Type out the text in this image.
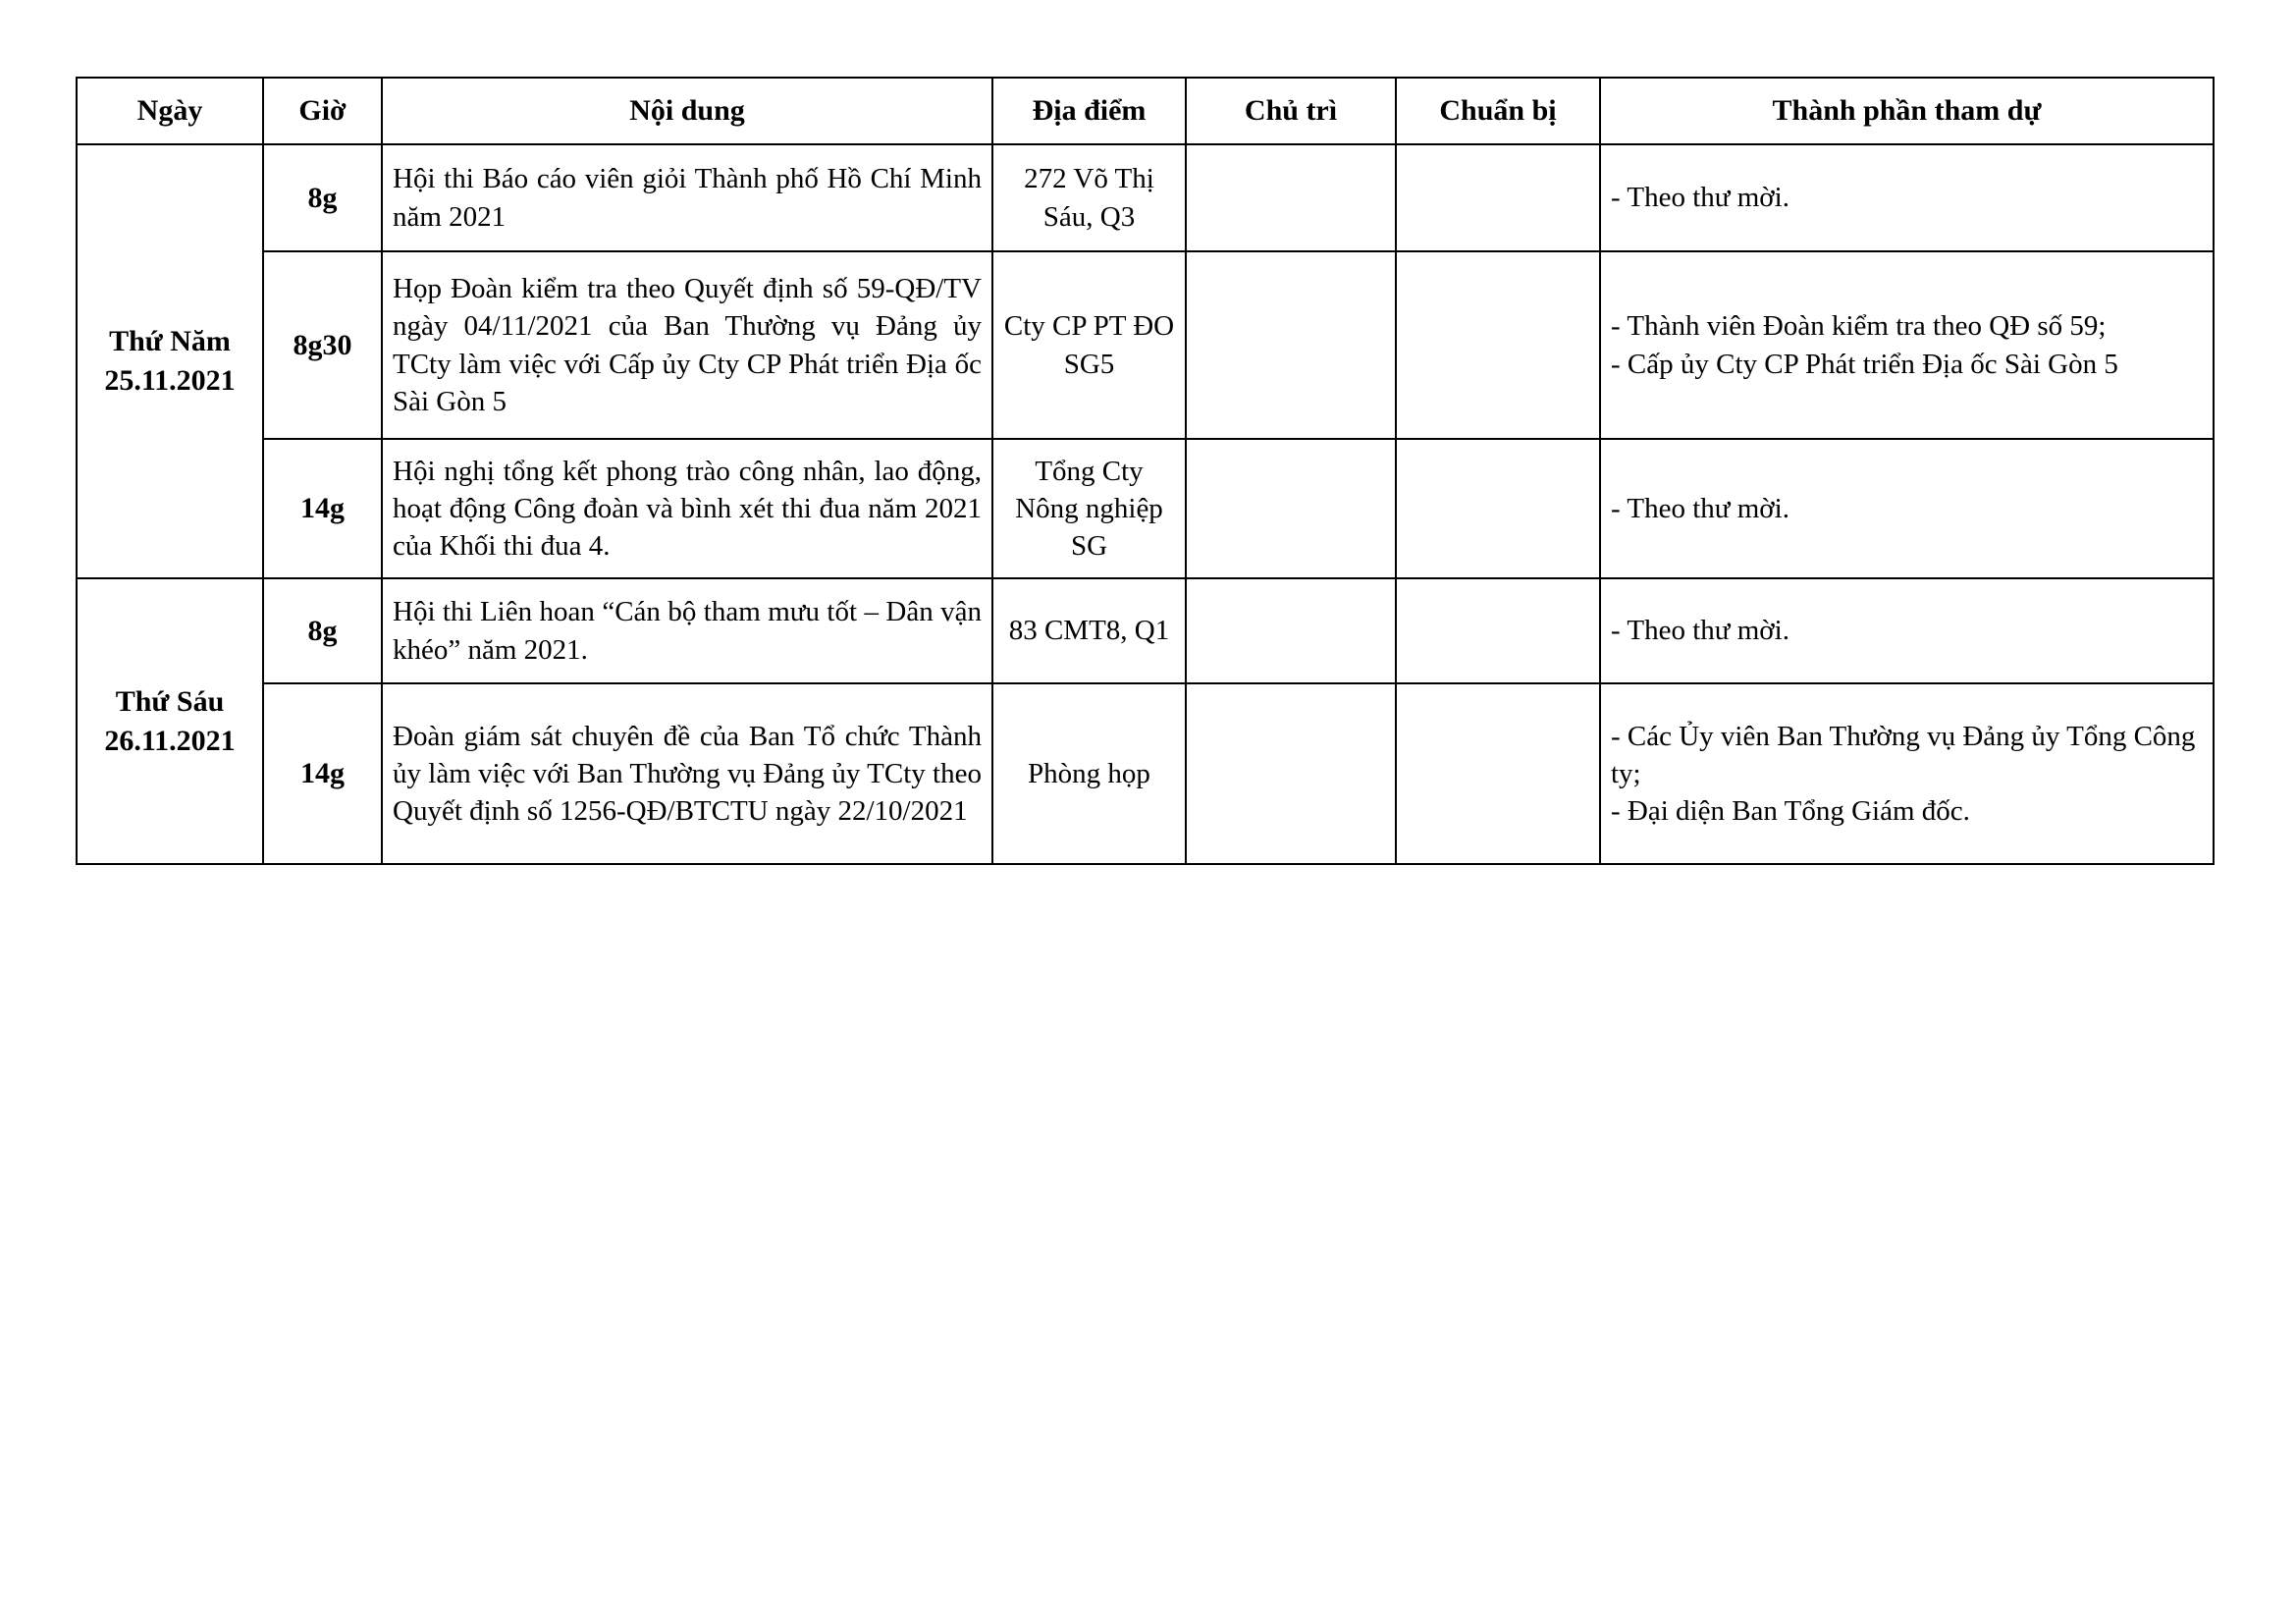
Ngày	Giờ	Nội dung	Địa điểm	Chủ trì	Chuẩn bị	Thành phần tham dự

Thứ Năm
25.11.2021	8g	Hội thi Báo cáo viên giỏi Thành phố Hồ Chí Minh năm 2021	272 Võ Thị Sáu, Q3			- Theo thư mời.

	8g30	Họp Đoàn kiểm tra theo Quyết định số 59-QĐ/TV ngày 04/11/2021 của Ban Thường vụ Đảng ủy TCty làm việc với Cấp ủy Cty CP Phát triển Địa ốc Sài Gòn 5	Cty CP PT ĐO SG5			- Thành viên Đoàn kiểm tra theo QĐ số 59;
- Cấp ủy Cty CP Phát triển Địa ốc Sài Gòn 5

	14g	Hội nghị tổng kết phong trào công nhân, lao động, hoạt động Công đoàn và bình xét thi đua năm 2021 của Khối thi đua 4.	Tổng Cty Nông nghiệp SG			- Theo thư mời.

Thứ Sáu
26.11.2021	8g	Hội thi Liên hoan “Cán bộ tham mưu tốt – Dân vận khéo” năm 2021.	83 CMT8, Q1			- Theo thư mời.

	14g	Đoàn giám sát chuyên đề của Ban Tổ chức Thành ủy làm việc với Ban Thường vụ Đảng ủy TCty theo Quyết định số 1256-QĐ/BTCTU ngày 22/10/2021	Phòng họp			- Các Ủy viên Ban Thường vụ Đảng ủy Tổng Công ty;
- Đại diện Ban Tổng Giám đốc.
